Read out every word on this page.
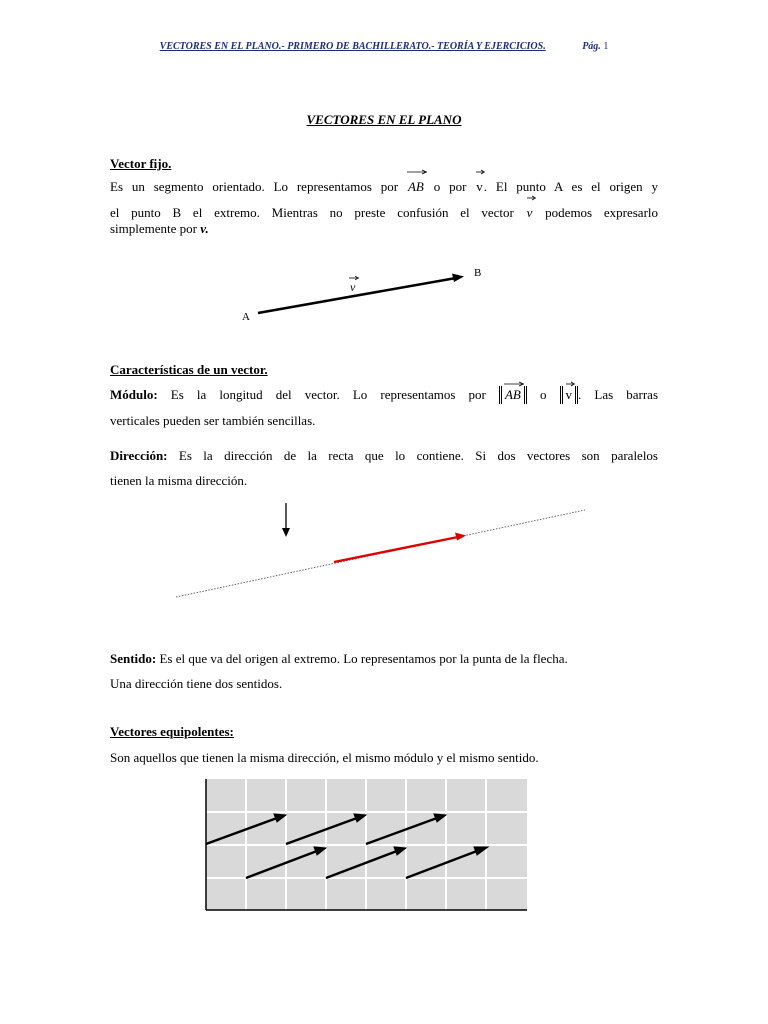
VECTORES EN EL PLANO.- PRIMERO DE BACHILLERATO.- TEORÍA Y EJERCICIOS.	Pág. 1
VECTORES EN EL PLANO
Vector fijo.
Es un segmento orientado. Lo representamos por AB o por v
. El punto A es el origen y
el punto B el extremo. Mientras no preste confusión el vector v podemos expresarlo
simplemente por v.
A
B
v
Características de un vector.
Módulo: Es la longitud del vector. Lo representamos por AB o v . Las barras
verticales pueden ser también sencillas.
Dirección: Es la dirección de la recta que lo contiene. Si dos vectores son paralelos
tienen la misma dirección.
Sentido: Es el que va del origen al extremo. Lo representamos por la punta de la flecha.
Una dirección tiene dos sentidos.
Vectores equipolentes:
Son aquellos que tienen la misma dirección, el mismo módulo y el mismo sentido.
